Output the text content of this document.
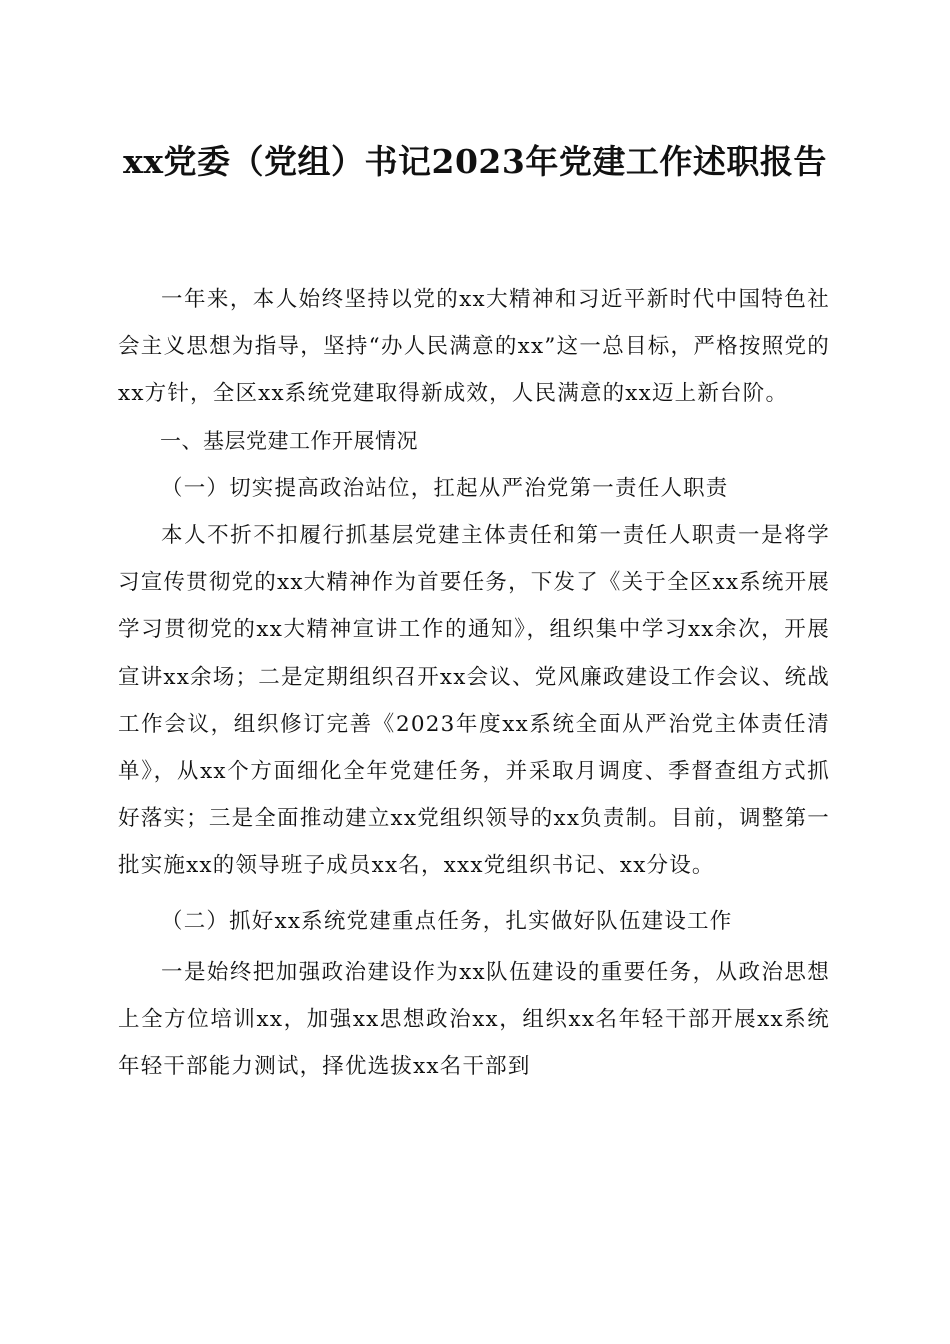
xx党委（党组）书记2023年党建工作述职报告

一年来，本人始终坚持以党的xx大精神和习近平新时代中国特色社会主义思想为指导，坚持“办人民满意的xx”这一总目标，严格按照党的xx方针，全区xx系统党建取得新成效，人民满意的xx迈上新台阶。

一、基层党建工作开展情况

（一）切实提高政治站位，扛起从严治党第一责任人职责

本人不折不扣履行抓基层党建主体责任和第一责任人职责一是将学习宣传贯彻党的xx大精神作为首要任务，下发了《关于全区xx系统开展学习贯彻党的xx大精神宣讲工作的通知》，组织集中学习xx余次，开展宣讲xx余场；二是定期组织召开xx会议、党风廉政建设工作会议、统战工作会议，组织修订完善《2023年度xx系统全面从严治党主体责任清单》，从xx个方面细化全年党建任务，并采取月调度、季督查组方式抓好落实；三是全面推动建立xx党组织领导的xx负责制。目前，调整第一批实施xx的领导班子成员xx名，xxx党组织书记、xx分设。

（二）抓好xx系统党建重点任务，扎实做好队伍建设工作

一是始终把加强政治建设作为xx队伍建设的重要任务，从政治思想上全方位培训xx，加强xx思想政治xx，组织xx名年轻干部开展xx系统年轻干部能力测试，择优选拔xx名干部到
